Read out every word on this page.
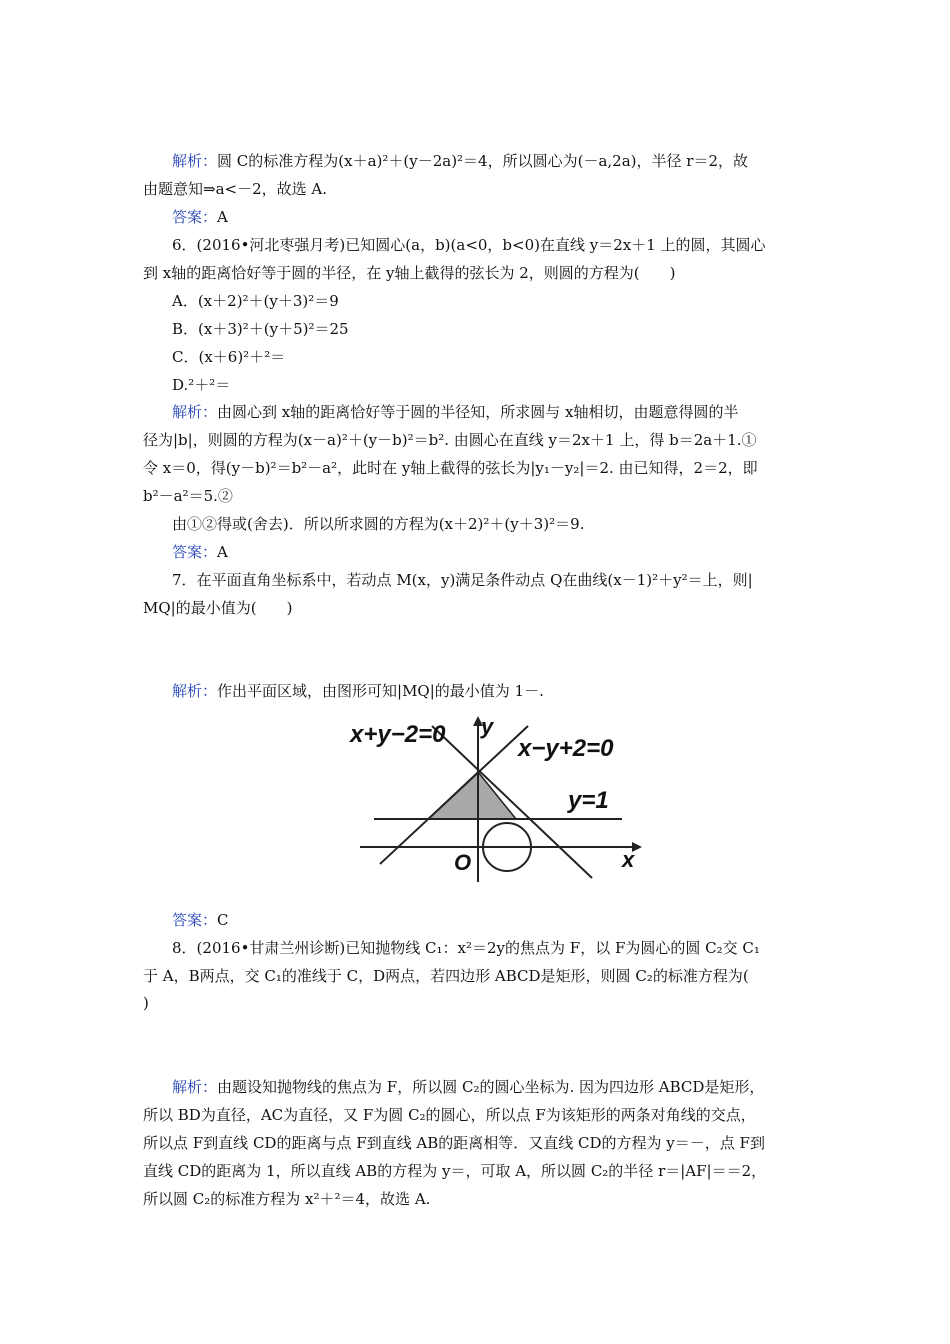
解析：圆 C的标准方程为(x＋a)²＋(y－2a)²＝4，所以圆心为(－a,2a)，半径 r＝2，故
由题意知⇒a<－2，故选 A.
答案：A
6．(2016•河北枣强月考)已知圆心(a，b)(a<0，b<0)在直线 y＝2x＋1 上的圆，其圆心
到 x轴的距离恰好等于圆的半径，在 y轴上截得的弦长为 2，则圆的方程为(　　)
A．(x＋2)²＋(y＋3)²＝9
B．(x＋3)²＋(y＋5)²＝25
C．(x＋6)²＋²＝
D.²＋²＝
解析：由圆心到 x轴的距离恰好等于圆的半径知，所求圆与 x轴相切，由题意得圆的半
径为|b|，则圆的方程为(x－a)²＋(y－b)²＝b². 由圆心在直线 y＝2x＋1 上，得 b＝2a＋1.①
令 x＝0，得(y－b)²＝b²－a²，此时在 y轴上截得的弦长为|y₁－y₂|＝2. 由已知得，2＝2，即
b²－a²＝5.②
由①②得或(舍去)．所以所求圆的方程为(x＋2)²＋(y＋3)²＝9.
答案：A
7．在平面直角坐标系中，若动点 M(x，y)满足条件动点 Q在曲线(x－1)²＋y²＝上，则|
MQ|的最小值为(　　)
解析：作出平面区域，由图形可知|MQ|的最小值为 1－.
x+y−2=0
x−y+2=0
y=1
y
x
O
答案：C
8．(2016•甘肃兰州诊断)已知抛物线 C₁：x²＝2y的焦点为 F，以 F为圆心的圆 C₂交 C₁
于 A，B两点，交 C₁的准线于 C，D两点，若四边形 ABCD是矩形，则圆 C₂的标准方程为(
)
解析：由题设知抛物线的焦点为 F，所以圆 C₂的圆心坐标为. 因为四边形 ABCD是矩形，
所以 BD为直径，AC为直径，又 F为圆 C₂的圆心，所以点 F为该矩形的两条对角线的交点，
所以点 F到直线 CD的距离与点 F到直线 AB的距离相等．又直线 CD的方程为 y＝－，点 F到
直线 CD的距离为 1，所以直线 AB的方程为 y＝，可取 A，所以圆 C₂的半径 r＝|AF|＝＝2，
所以圆 C₂的标准方程为 x²＋²＝4，故选 A.
